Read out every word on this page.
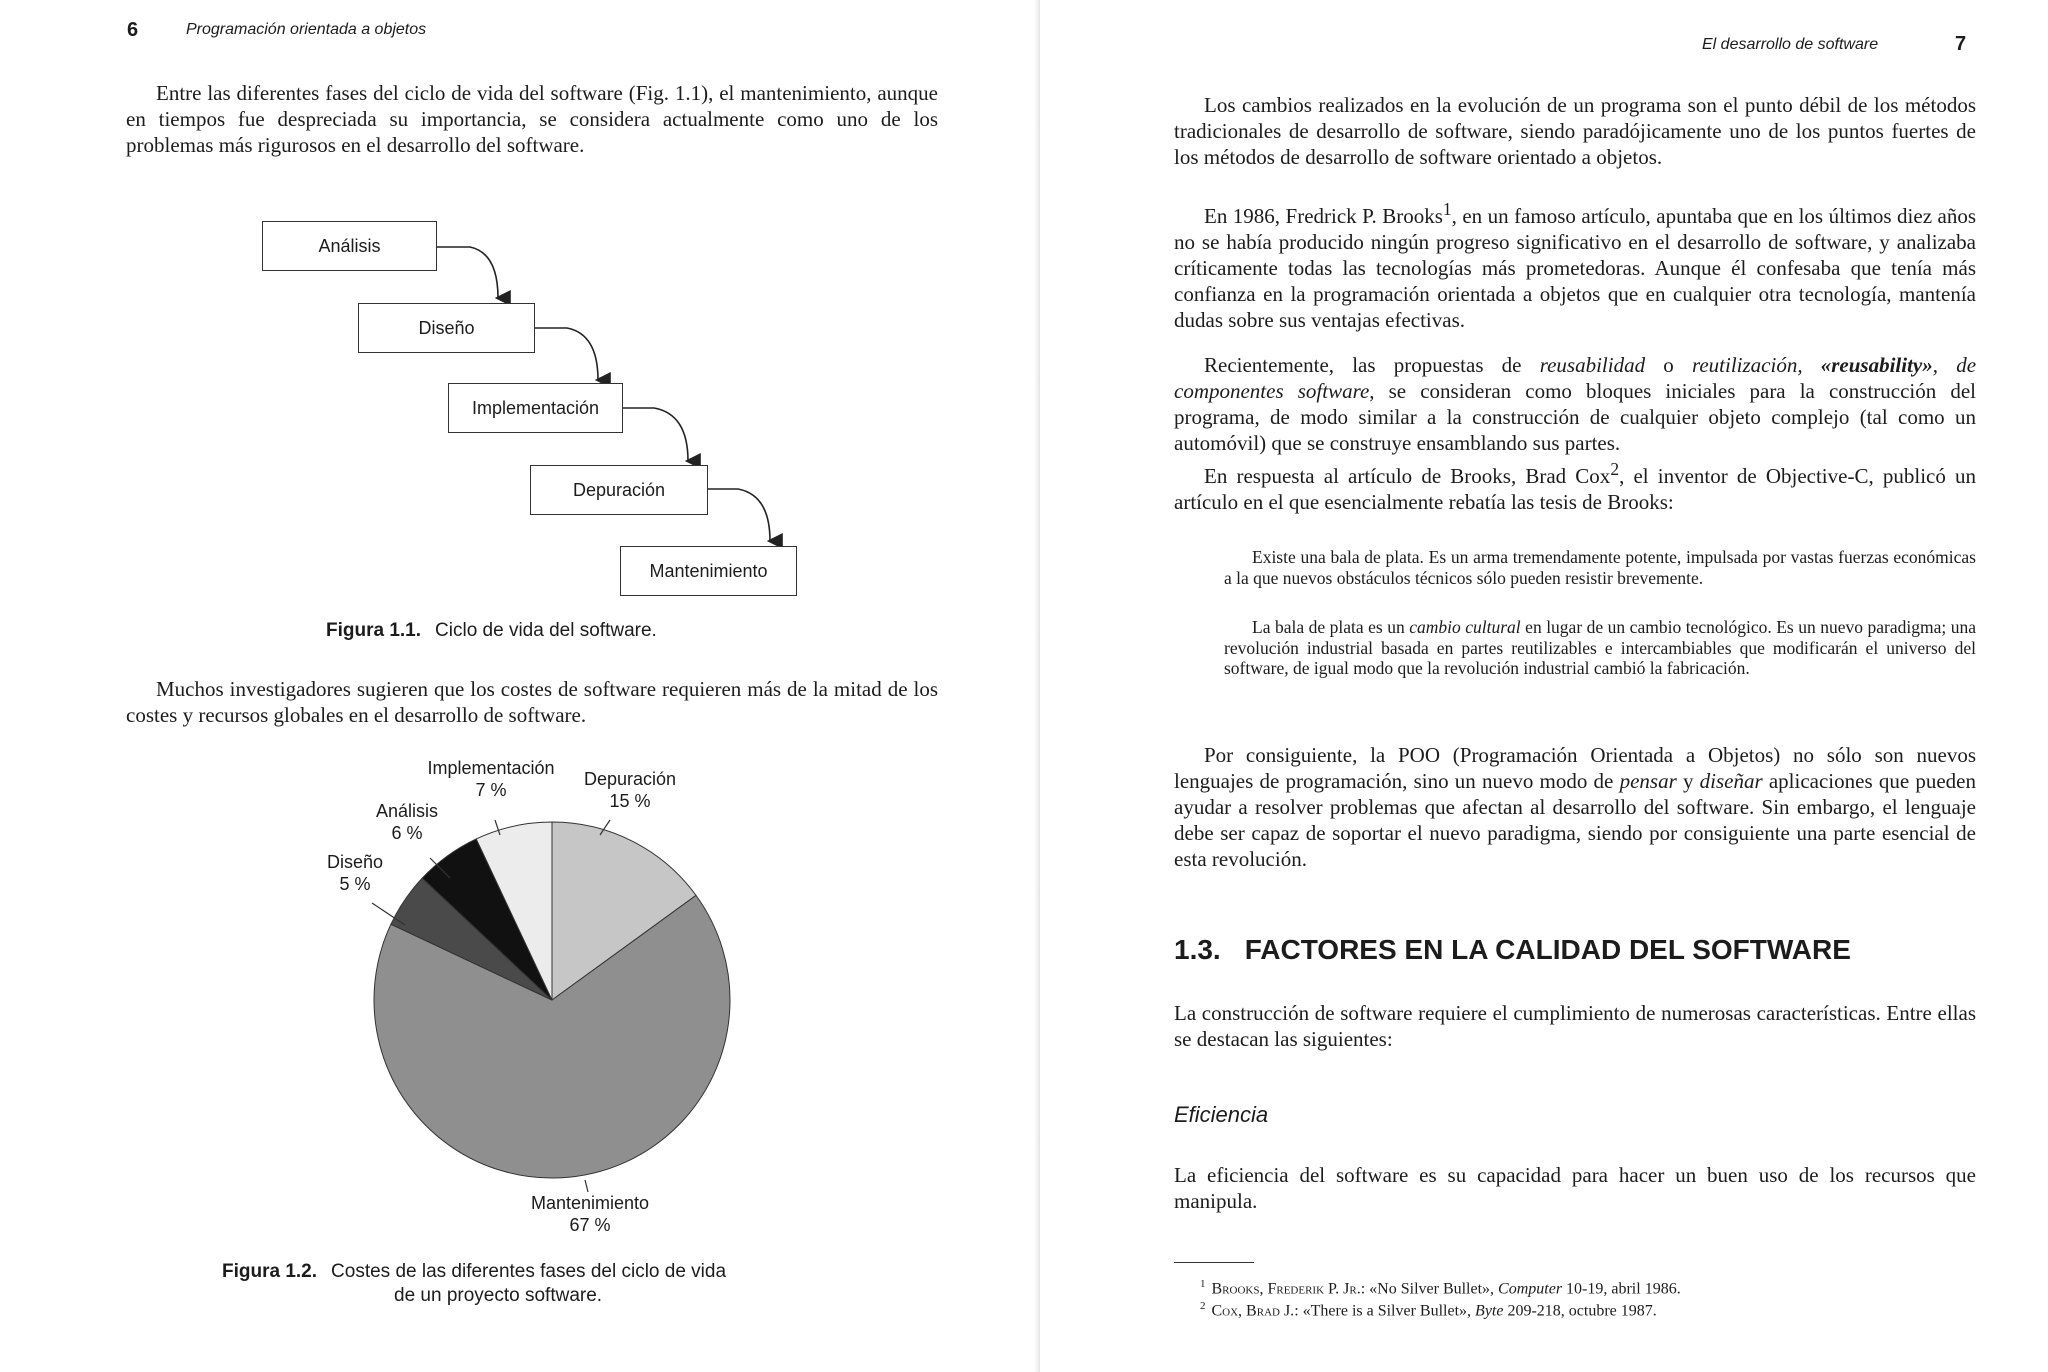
6	Programación orientada a objetos

Entre las diferentes fases del ciclo de vida del software (Fig. 1.1), el mantenimiento, aunque en tiempos fue despreciada su importancia, se considera actualmente como uno de los problemas más rigurosos en el desarrollo del software.

Análisis
Diseño
Implementación
Depuración
Mantenimiento
Figura 1.1. Ciclo de vida del software.

Muchos investigadores sugieren que los costes de software requieren más de la mitad de los costes y recursos globales en el desarrollo de software.

Implementación
7 %
Depuración
15 %
Análisis
6 %
Diseño
5 %
Mantenimiento
67 %
Figura 1.2. Costes de las diferentes fases del ciclo de vida
de un proyecto software.
El desarrollo de software	7

Los cambios realizados en la evolución de un programa son el punto débil de los métodos tradicionales de desarrollo de software, siendo paradójicamente uno de los puntos fuertes de los métodos de desarrollo de software orientado a objetos.

En 1986, Fredrick P. Brooks$^1$, en un famoso artículo, apuntaba que en los últimos diez años no se había producido ningún progreso significativo en el desarrollo de software, y analizaba críticamente todas las tecnologías más prometedoras. Aunque él confesaba que tenía más confianza en la programación orientada a objetos que en cualquier otra tecnología, mantenía dudas sobre sus ventajas efectivas.

Recientemente, las propuestas de reusabilidad o reutilización, «reusability», de componentes software, se consideran como bloques iniciales para la construcción del programa, de modo similar a la construcción de cualquier objeto complejo (tal como un automóvil) que se construye ensamblando sus partes.

En respuesta al artículo de Brooks, Brad Cox$^2$, el inventor de Objective-C, publicó un artículo en el que esencialmente rebatía las tesis de Brooks:

Existe una bala de plata. Es un arma tremendamente potente, impulsada por vastas fuerzas económicas a la que nuevos obstáculos técnicos sólo pueden resistir brevemente.

La bala de plata es un cambio cultural en lugar de un cambio tecnológico. Es un nuevo paradigma; una revolución industrial basada en partes reutilizables e intercambiables que modificarán el universo del software, de igual modo que la revolución industrial cambió la fabricación.

Por consiguiente, la POO (Programación Orientada a Objetos) no sólo son nuevos lenguajes de programación, sino un nuevo modo de pensar y diseñar aplicaciones que pueden ayudar a resolver problemas que afectan al desarrollo del software. Sin embargo, el lenguaje debe ser capaz de soportar el nuevo paradigma, siendo por consiguiente una parte esencial de esta revolución.

1.3. FACTORES EN LA CALIDAD DEL SOFTWARE

La construcción de software requiere el cumplimiento de numerosas características. Entre ellas se destacan las siguientes:

Eficiencia

La eficiencia del software es su capacidad para hacer un buen uso de los recursos que manipula.

$^1$ Brooks, Frederik P. Jr.: «No Silver Bullet», Computer 10-19, abril 1986.
$^2$ Cox, Brad J.: «There is a Silver Bullet», Byte 209-218, octubre 1987.
